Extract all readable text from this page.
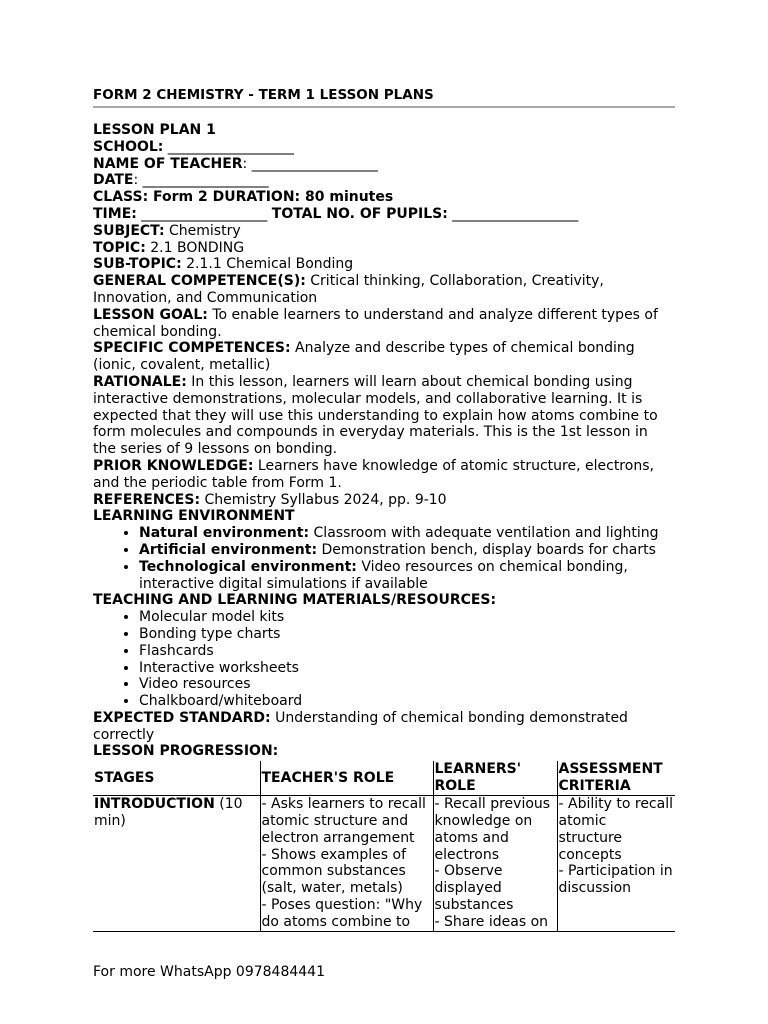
FORM 2 CHEMISTRY - TERM 1 LESSON PLANS
LESSON PLAN 1
SCHOOL: __________________
NAME OF TEACHER: __________________
DATE: __________________
CLASS: Form 2 DURATION: 80 minutes
TIME: __________________ TOTAL NO. OF PUPILS: __________________
SUBJECT: Chemistry
TOPIC: 2.1 BONDING
SUB-TOPIC: 2.1.1 Chemical Bonding
GENERAL COMPETENCE(S): Critical thinking, Collaboration, Creativity, Innovation, and Communication
LESSON GOAL: To enable learners to understand and analyze different types of chemical bonding.
SPECIFIC COMPETENCES: Analyze and describe types of chemical bonding (ionic, covalent, metallic)
RATIONALE: In this lesson, learners will learn about chemical bonding using interactive demonstrations, molecular models, and collaborative learning. It is expected that they will use this understanding to explain how atoms combine to form molecules and compounds in everyday materials. This is the 1st lesson in the series of 9 lessons on bonding.
PRIOR KNOWLEDGE: Learners have knowledge of atomic structure, electrons, and the periodic table from Form 1.
REFERENCES: Chemistry Syllabus 2024, pp. 9-10
LEARNING ENVIRONMENT
• Natural environment: Classroom with adequate ventilation and lighting
• Artificial environment: Demonstration bench, display boards for charts
• Technological environment: Video resources on chemical bonding, interactive digital simulations if available
TEACHING AND LEARNING MATERIALS/RESOURCES:
• Molecular model kits
• Bonding type charts
• Flashcards
• Interactive worksheets
• Video resources
• Chalkboard/whiteboard
EXPECTED STANDARD: Understanding of chemical bonding demonstrated correctly
LESSON PROGRESSION:
STAGES	TEACHER'S ROLE	LEARNERS' ROLE	ASSESSMENT CRITERIA
INTRODUCTION (10 min)	- Asks learners to recall atomic structure and electron arrangement
- Shows examples of common substances (salt, water, metals)
- Poses question: "Why do atoms combine to	- Recall previous knowledge on atoms and electrons
- Observe displayed substances
- Share ideas on	- Ability to recall atomic structure concepts
- Participation in discussion
For more WhatsApp 0978484441
